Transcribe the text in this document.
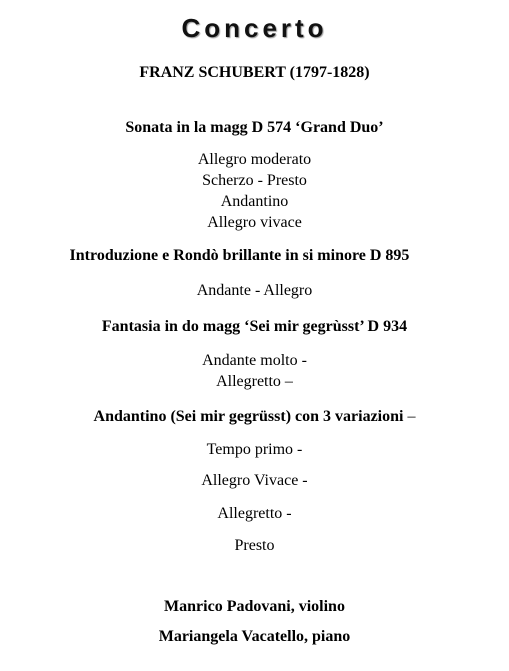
Concerto
FRANZ SCHUBERT (1797-1828)
Sonata in la magg D 574 ‘Grand Duo’
Allegro moderato
Scherzo - Presto
Andantino
Allegro vivace
Introduzione e Rondò brillante in si minore D 895
Andante - Allegro
Fantasia in do magg ‘Sei mir gegrùsst’ D 934
Andante molto -
Allegretto –
Andantino (Sei mir gegrüsst) con 3 variazioni –
Tempo primo -
Allegro Vivace -
Allegretto -
Presto
Manrico Padovani, violino
Mariangela Vacatello, piano
